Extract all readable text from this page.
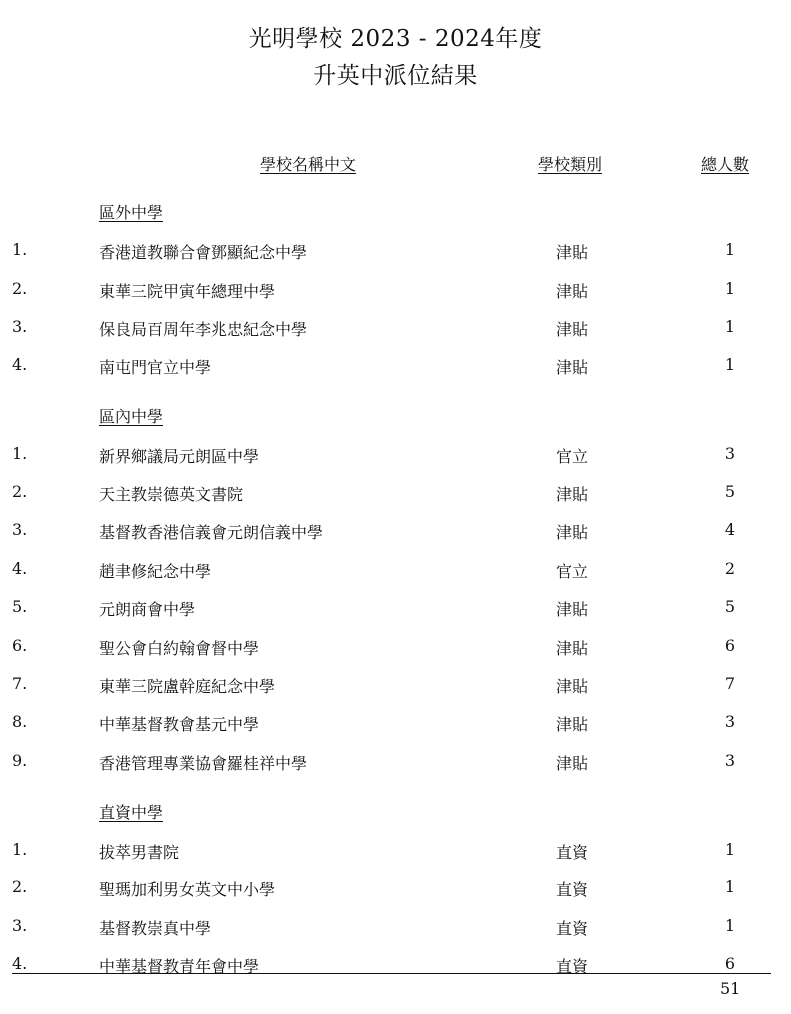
光明學校 2023 - 2024年度
升英中派位結果
學校名稱中文	學校類別	總人數
區外中學
1.	香港道教聯合會鄧顯紀念中學	津貼	1
2.	東華三院甲寅年總理中學	津貼	1
3.	保良局百周年李兆忠紀念中學	津貼	1
4.	南屯門官立中學	津貼	1
區內中學
1.	新界鄉議局元朗區中學	官立	3
2.	天主教崇德英文書院	津貼	5
3.	基督教香港信義會元朗信義中學	津貼	4
4.	趙聿修紀念中學	官立	2
5.	元朗商會中學	津貼	5
6.	聖公會白約翰會督中學	津貼	6
7.	東華三院盧幹庭紀念中學	津貼	7
8.	中華基督教會基元中學	津貼	3
9.	香港管理專業協會羅桂祥中學	津貼	3
直資中學
1.	拔萃男書院	直資	1
2.	聖瑪加利男女英文中小學	直資	1
3.	基督教崇真中學	直資	1
4.	中華基督教青年會中學	直資	6
51
